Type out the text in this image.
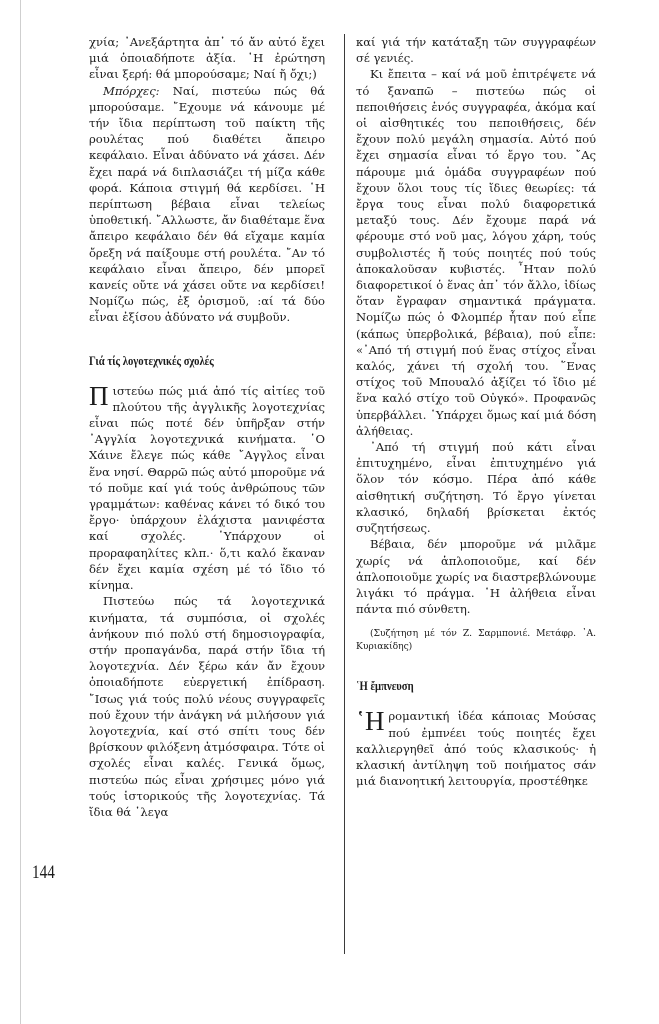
χνία; ᾿Ανεξάρτητα ἀπ᾿ τό ἄν αὐτό ἔχει μιά ὁποιαδήποτε ἀξία. ῾Η ἐρώτηση εἶναι ξερή: θά μπορούσαμε; Ναί ἤ ὄχι;)

Μπόρχες: Ναί, πιστεύω πώς θά μπορούσαμε. ῎Εχουμε νά κάνουμε μέ τήν ἴδια περίπτωση τοῦ παίκτη τῆς ρουλέτας πού διαθέτει ἄπειρο κεφάλαιο. Εἶναι ἀδύνατο νά χάσει. Δέν ἔχει παρά νά διπλασιάζει τή μίζα κάθε φορά. Κάποια στιγμή θά κερδίσει. ῾Η περίπτωση βέβαια εἶναι τελείως ὑποθετική. ῎Αλλωστε, ἄν διαθέταμε ἕνα ἄπειρο κεφάλαιο δέν θά εἴχαμε καμία ὄρεξη νά παίξουμε στή ρουλέτα. ῎Αν τό κεφάλαιο εἶναι ἄπειρο, δέν μπορεῖ κανείς οὔτε νά χάσει οὔτε να κερδίσει! Νομίζω πώς, ἐξ ὁρισμοῦ, :αί τά δύο εἶναι ἐξίσου ἀδύνατο νά συμβοῦν.

Γιά τίς λογοτεχνικές σχολές

Πιστεύω πώς μιά ἀπό τίς αἰτίες τοῦ πλούτου τῆς ἀγγλικῆς λογοτεχνίας εἶναι πώς ποτέ δέν ὑπῆρξαν στήν ᾿Αγγλία λογοτεχνικά κινήματα. ῾Ο Χάινε ἔλεγε πώς κάθε ῎Αγγλος εἶναι ἕνα νησί. Θαρρῶ πώς αὐτό μποροῦμε νά τό ποῦμε καί γιά τούς ἀνθρώπους τῶν γραμμάτων: καθένας κάνει τό δικό του ἔργο· ὑπάρχουν ἐλάχιστα μανιφέστα καί σχολές. ῾Υπάρχουν οἱ προραφαηλίτες κλπ.· ὅ,τι καλό ἔκαναν δέν ἔχει καμία σχέση μέ τό ἴδιο τό κίνημα.

Πιστεύω πώς τά λογοτεχνικά κινήματα, τά συμπόσια, οἱ σχολές ἀνήκουν πιό πολύ στή δημοσιογραφία, στήν προπαγάνδα, παρά στήν ἴδια τή λογοτεχνία. Δέν ξέρω κάν ἄν ἔχουν ὁποιαδήποτε εὐεργετική ἐπίδραση. ῎Ισως γιά τούς πολύ νέους συγγραφεῖς πού ἔχουν τήν ἀνάγκη νά μιλήσουν γιά λογοτεχνία, καί στό σπίτι τους δέν βρίσκουν φιλόξενη ἀτμόσφαιρα. Τότε οἱ σχολές εἶναι καλές. Γενικά ὅμως, πιστεύω πώς εἶναι χρήσιμες μόνο γιά τούς ἱστορικούς τῆς λογοτεχνίας. Τά ἴδια θά ῾λεγα

καί γιά τήν κατάταξη τῶν συγγραφέων σέ γενιές.

Κι ἔπειτα – καί νά μοῦ ἐπιτρέψετε νά τό ξαναπῶ – πιστεύω πώς οἱ πεποιθήσεις ἑνός συγγραφέα, ἀκόμα καί οἱ αἰσθητικές του πεποιθήσεις, δέν ἔχουν πολύ μεγάλη σημασία. Αὐτό πού ἔχει σημασία εἶναι τό ἔργο του. ῎Ας πάρουμε μιά ὁμάδα συγγραφέων πού ἔχουν ὅλοι τους τίς ἴδιες θεωρίες: τά ἔργα τους εἶναι πολύ διαφορετικά μεταξύ τους. Δέν ἔχουμε παρά νά φέρουμε στό νοῦ μας, λόγου χάρη, τούς συμβολιστές ἤ τούς ποιητές πού τούς ἀποκαλοῦσαν κυβιστές. ῏Ηταν πολύ διαφορετικοί ὁ ἕνας ἀπ᾿ τόν ἄλλο, ἰδίως ὅταν ἔγραφαν σημαντικά πράγματα. Νομίζω πώς ὁ Φλομπέρ ἦταν πού εἶπε (κάπως ὑπερβολικά, βέβαια), πού εἶπε: «᾿Από τή στιγμή πού ἕνας στίχος εἶναι καλός, χάνει τή σχολή του. ῞Ενας στίχος τοῦ Μπουαλό ἀξίζει τό ἴδιο μέ ἕνα καλό στίχο τοῦ Οὐγκό». Προφανῶς ὑπερβάλλει. ῾Υπάρχει ὅμως καί μιά δόση ἀλήθειας.

᾿Από τή στιγμή πού κάτι εἶναι ἐπιτυχημένο, εἶναι ἐπιτυχημένο γιά ὅλον τόν κόσμο. Πέρα ἀπό κάθε αἰσθητική συζήτηση. Τό ἔργο γίνεται κλασικό, δηλαδή βρίσκεται ἐκτός συζητήσεως.

Βέβαια, δέν μποροῦμε νά μιλᾶμε χωρίς νά ἁπλοποιοῦμε, καί δέν ἁπλοποιοῦμε χωρίς να διαστρεβλώνουμε λιγάκι τό πράγμα. ῾Η ἀλήθεια εἶναι πάντα πιό σύνθετη.

(Συζήτηση μέ τόν Ζ. Σαρμπονιέ. Μετάφρ. ᾿Α. Κυριακίδης)

῾Η ἔμπνευση

῾Η ρομαντική ἰδέα κάποιας Μούσας πού ἐμπνέει τούς ποιητές ἔχει καλλιεργηθεῖ ἀπό τούς κλασικούς· ἡ κλασική ἀντίληψη τοῦ ποιήματος σάν μιά διανοητική λειτουργία, προστέθηκε

144
